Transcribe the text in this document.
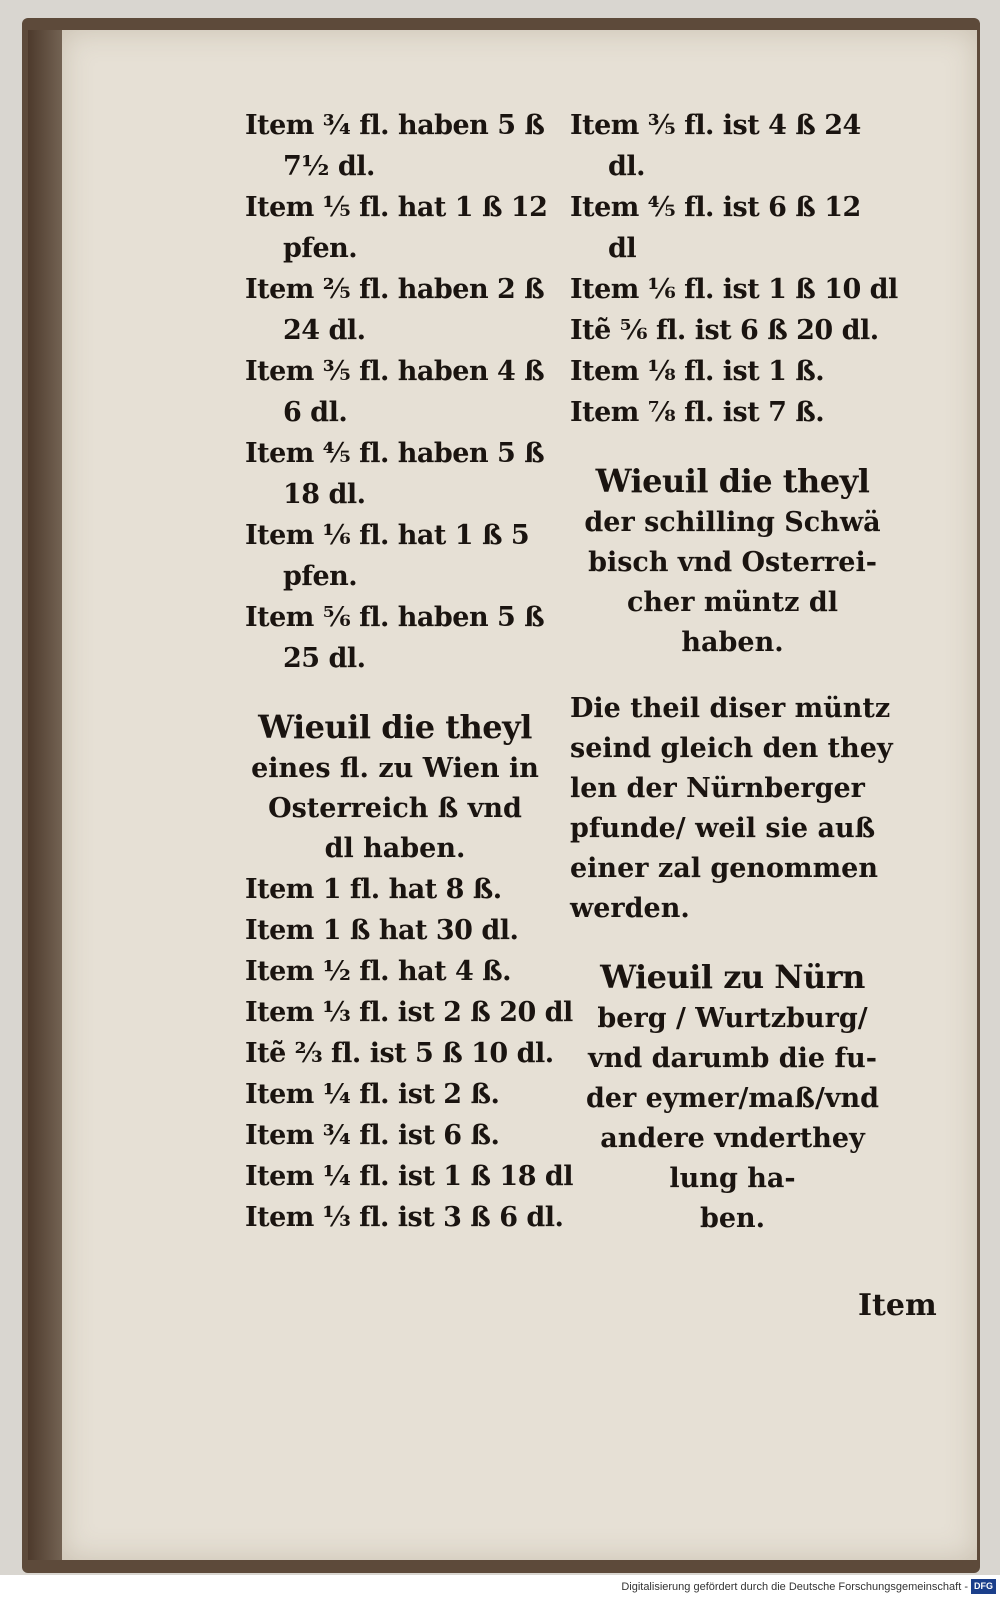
Item ¾ fl. haben 5 ß
7½ dl.
Item ⅕ fl. hat 1 ß 12
pfen.
Item ⅖ fl. haben 2 ß
24 dl.
Item ⅗ fl. haben 4 ß
6 dl.
Item ⅘ fl. haben 5 ß
18 dl.
Item ⅙ fl. hat 1 ß 5
pfen.
Item ⅚ fl. haben 5 ß
25 dl.
Wieuil die theyl
eines fl. zu Wien in
Osterreich ß vnd
dl haben.
Item 1 fl. hat 8 ß.
Item 1 ß hat 30 dl.
Item ½ fl. hat 4 ß.
Item ⅓ fl. ist 2 ß 20 dl
Itẽ ⅔ fl. ist 5 ß 10 dl.
Item ¼ fl. ist 2 ß.
Item ¾ fl. ist 6 ß.
Item ¼ fl. ist 1 ß 18 dl
Item ⅓ fl. ist 3 ß 6 dl.
Item ⅗ fl. ist 4 ß 24
dl.
Item ⅘ fl. ist 6 ß 12
dl
Item ⅙ fl. ist 1 ß 10 dl
Itẽ ⅚ fl. ist 6 ß 20 dl.
Item ⅛ fl. ist 1 ß.
Item ⅞ fl. ist 7 ß.
Wieuil die theyl
der schilling Schwä
bisch vnd Osterrei-
cher müntz dl
haben.
Die theil diser müntz
seind gleich den they
len der Nürnberger
pfunde/ weil sie auß
einer zal genommen
werden.
Wieuil zu Nürn
berg / Wurtzburg/
vnd darumb die fu-
der eymer/maß/vnd
andere vnderthey
lung ha-
ben.
Item
Digitalisierung gefördert durch die Deutsche Forschungsgemeinschaft - DFG
